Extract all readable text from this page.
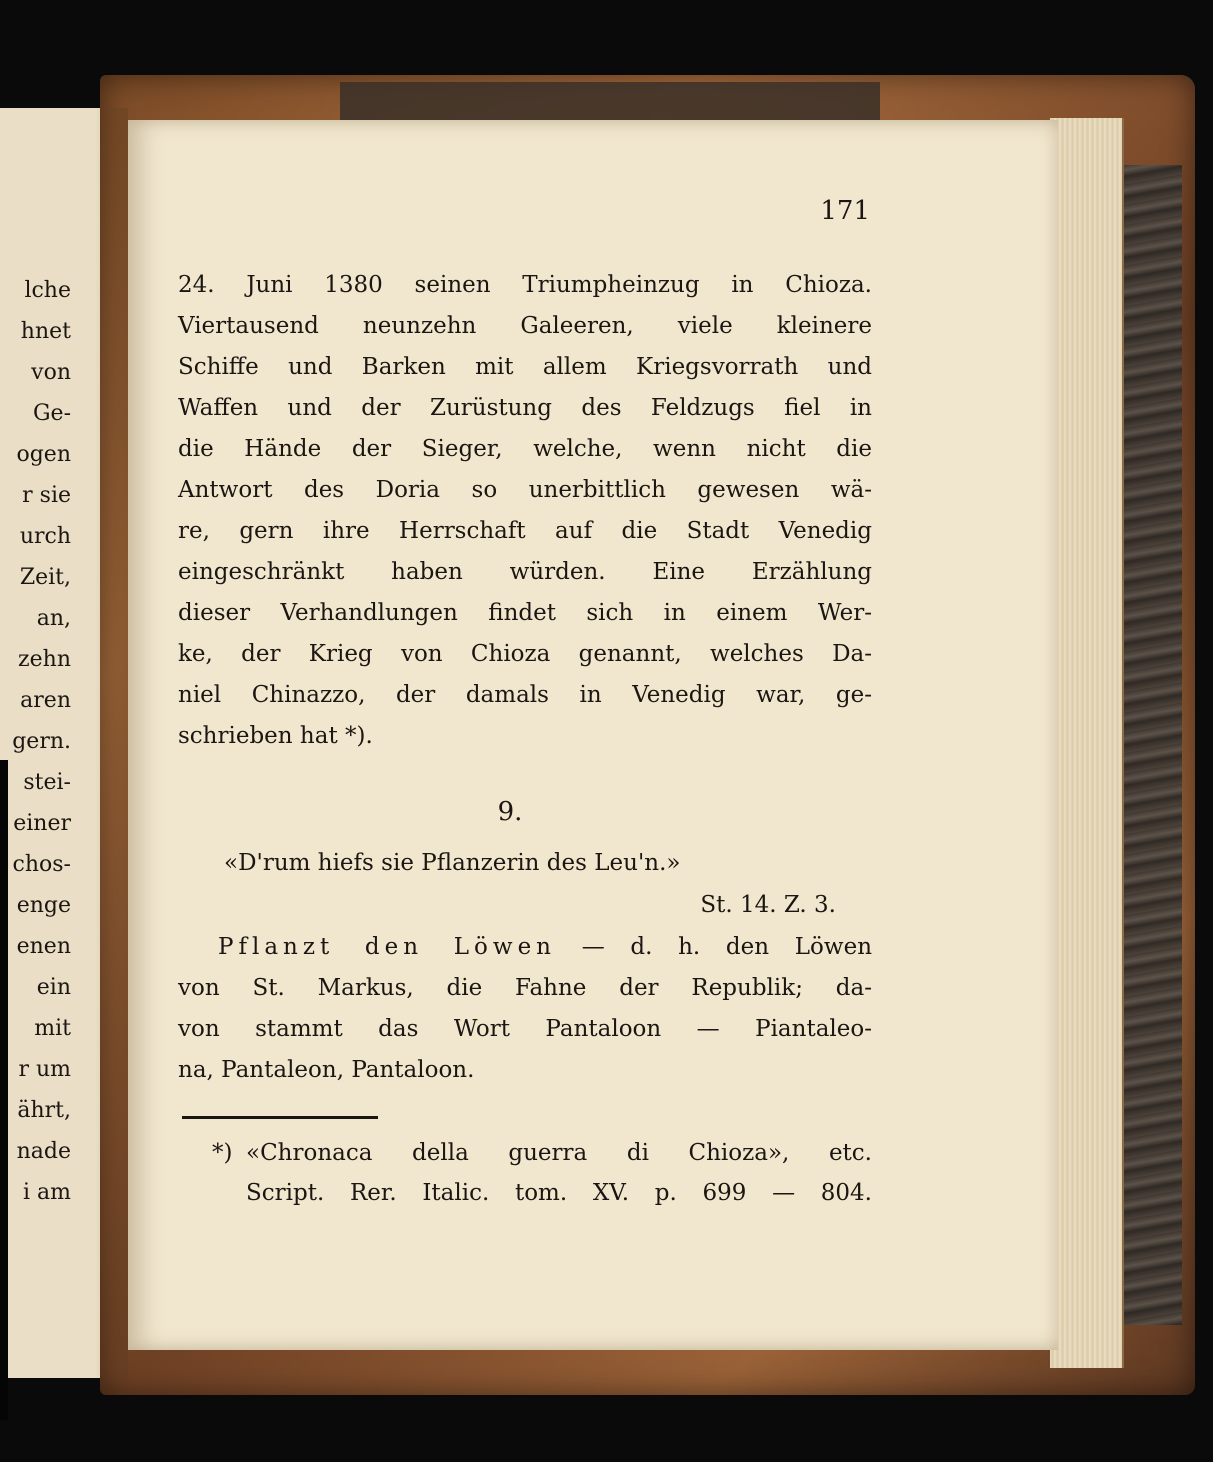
lche
hnet
von
Ge-
ogen
r sie
urch
Zeit,
an,
zehn
aren
gern.
stei-
einer
chos-
enge
enen
ein
mit
r um
ährt,
nade
i am
171
24. Juni 1380 seinen Triumpheinzug in Chioza.
Viertausend neunzehn Galeeren, viele kleinere
Schiffe und Barken mit allem Kriegsvorrath und
Waffen und der Zurüstung des Feldzugs fiel in
die Hände der Sieger, welche, wenn nicht die
Antwort des Doria so unerbittlich gewesen wä-
re, gern ihre Herrschaft auf die Stadt Venedig
eingeschränkt haben würden. Eine Erzählung
dieser Verhandlungen findet sich in einem Wer-
ke, der Krieg von Chioza genannt, welches Da-
niel Chinazzo, der damals in Venedig war, ge-
schrieben hat *).
9.
«D'rum hiefs sie Pflanzerin des Leu'n.»
St. 14. Z. 3.
Pflanzt den Löwen — d. h. den Löwen
von St. Markus, die Fahne der Republik; da-
von stammt das Wort Pantaloon — Piantaleo-
na, Pantaleon, Pantaloon.
*) «Chronaca della guerra di Chioza», etc.
Script. Rer. Italic. tom. XV. p. 699 — 804.
